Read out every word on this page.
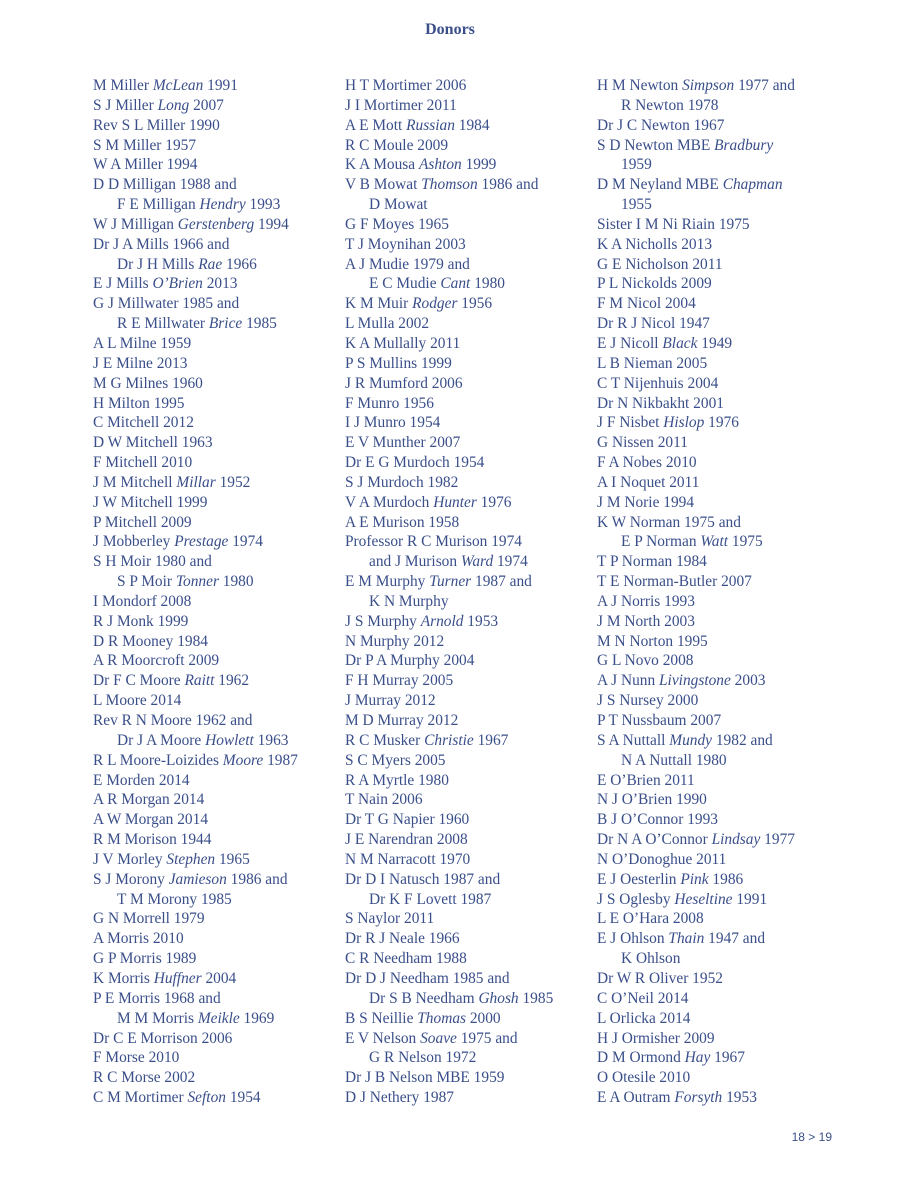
Donors
M Miller McLean 1991
S J Miller Long 2007
Rev S L Miller 1990
S M Miller 1957
W A Miller 1994
D D Milligan 1988 and
F E Milligan Hendry 1993
W J Milligan Gerstenberg 1994
Dr J A Mills 1966 and
Dr J H Mills Rae 1966
E J Mills O’Brien 2013
G J Millwater 1985 and
R E Millwater Brice 1985
A L Milne 1959
J E Milne 2013
M G Milnes 1960
H Milton 1995
C Mitchell 2012
D W Mitchell 1963
F Mitchell 2010
J M Mitchell Millar 1952
J W Mitchell 1999
P Mitchell 2009
J Mobberley Prestage 1974
S H Moir 1980 and
S P Moir Tonner 1980
I Mondorf 2008
R J Monk 1999
D R Mooney 1984
A R Moorcroft 2009
Dr F C Moore Raitt 1962
L Moore 2014
Rev R N Moore 1962 and
Dr J A Moore Howlett 1963
R L Moore-Loizides Moore 1987
E Morden 2014
A R Morgan 2014
A W Morgan 2014
R M Morison 1944
J V Morley Stephen 1965
S J Morony Jamieson 1986 and
T M Morony 1985
G N Morrell 1979
A Morris 2010
G P Morris 1989
K Morris Huffner 2004
P E Morris 1968 and
M M Morris Meikle 1969
Dr C E Morrison 2006
F Morse 2010
R C Morse 2002
C M Mortimer Sefton 1954
H T Mortimer 2006
J I Mortimer 2011
A E Mott Russian 1984
R C Moule 2009
K A Mousa Ashton 1999
V B Mowat Thomson 1986 and
D Mowat
G F Moyes 1965
T J Moynihan 2003
A J Mudie 1979 and
E C Mudie Cant 1980
K M Muir Rodger 1956
L Mulla 2002
K A Mullally 2011
P S Mullins 1999
J R Mumford 2006
F Munro 1956
I J Munro 1954
E V Munther 2007
Dr E G Murdoch 1954
S J Murdoch 1982
V A Murdoch Hunter 1976
A E Murison 1958
Professor R C Murison 1974
and J Murison Ward 1974
E M Murphy Turner 1987 and
K N Murphy
J S Murphy Arnold 1953
N Murphy 2012
Dr P A Murphy 2004
F H Murray 2005
J Murray 2012
M D Murray 2012
R C Musker Christie 1967
S C Myers 2005
R A Myrtle 1980
T Nain 2006
Dr T G Napier 1960
J E Narendran 2008
N M Narracott 1970
Dr D I Natusch 1987 and
Dr K F Lovett 1987
S Naylor 2011
Dr R J Neale 1966
C R Needham 1988
Dr D J Needham 1985 and
Dr S B Needham Ghosh 1985
B S Neillie Thomas 2000
E V Nelson Soave 1975 and
G R Nelson 1972
Dr J B Nelson MBE 1959
D J Nethery 1987
H M Newton Simpson 1977 and
R Newton 1978
Dr J C Newton 1967
S D Newton MBE Bradbury
1959
D M Neyland MBE Chapman
1955
Sister I M Ni Riain 1975
K A Nicholls 2013
G E Nicholson 2011
P L Nickolds 2009
F M Nicol 2004
Dr R J Nicol 1947
E J Nicoll Black 1949
L B Nieman 2005
C T Nijenhuis 2004
Dr N Nikbakht 2001
J F Nisbet Hislop 1976
G Nissen 2011
F A Nobes 2010
A I Noquet 2011
J M Norie 1994
K W Norman 1975 and
E P Norman Watt 1975
T P Norman 1984
T E Norman-Butler 2007
A J Norris 1993
J M North 2003
M N Norton 1995
G L Novo 2008
A J Nunn Livingstone 2003
J S Nursey 2000
P T Nussbaum 2007
S A Nuttall Mundy 1982 and
N A Nuttall 1980
E O’Brien 2011
N J O’Brien 1990
B J O’Connor 1993
Dr N A O’Connor Lindsay 1977
N O’Donoghue 2011
E J Oesterlin Pink 1986
J S Oglesby Heseltine 1991
L E O’Hara 2008
E J Ohlson Thain 1947 and
K Ohlson
Dr W R Oliver 1952
C O’Neil 2014
L Orlicka 2014
H J Ormisher 2009
D M Ormond Hay 1967
O Otesile 2010
E A Outram Forsyth 1953
18 > 19
